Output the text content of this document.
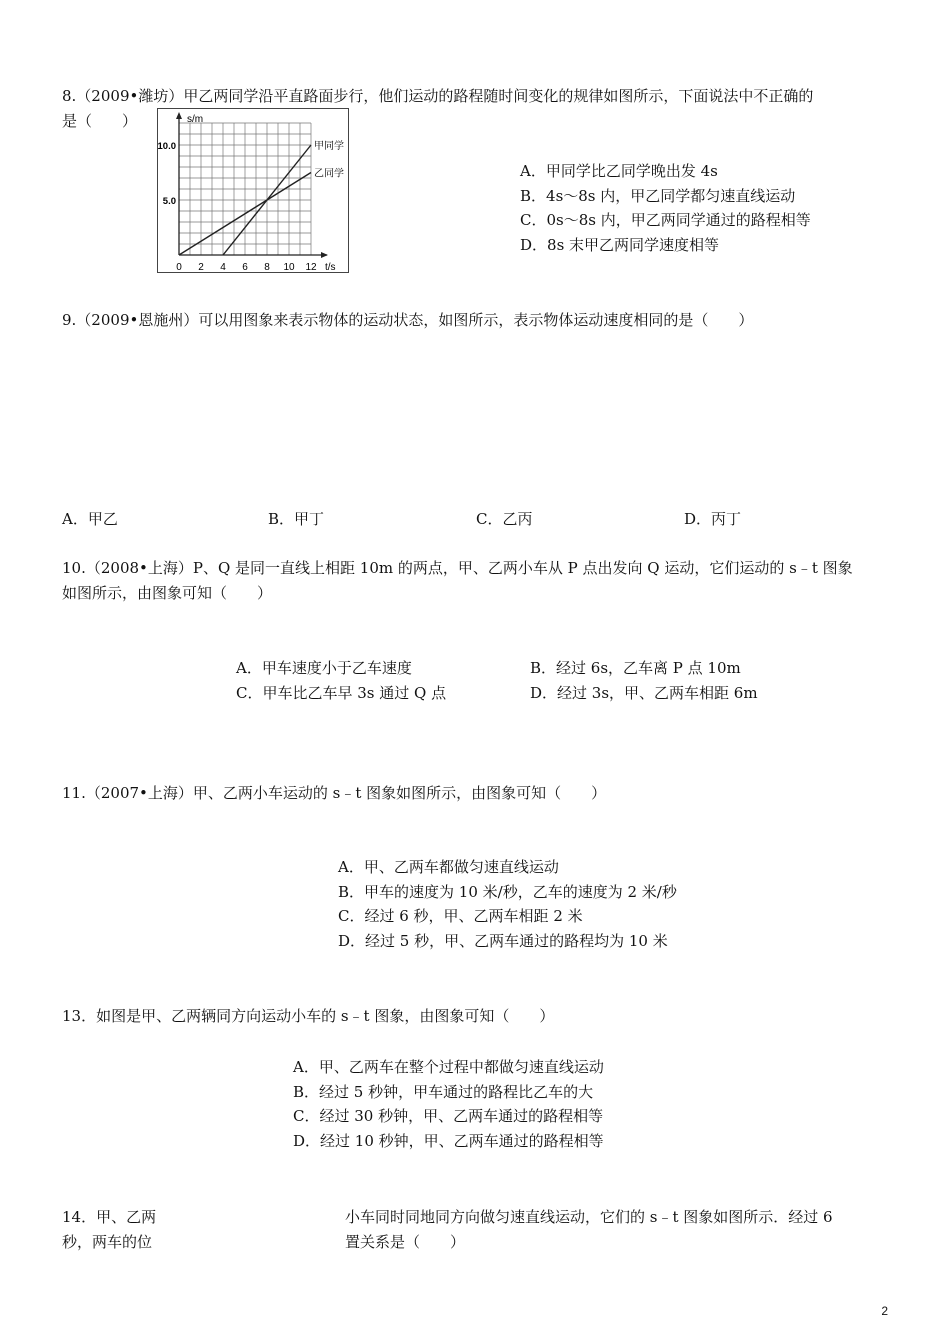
8.（2009•潍坊）甲乙两同学沿平直路面步行，他们运动的路程随时间变化的规律如图所示，下面说法中不正确的
是（　　）
0 2 4 6 8 10 12
5.0
10.0	甲同学
乙同学
s/m
t/s
A．甲同学比乙同学晚出发 4s
B．4s～8s 内，甲乙同学都匀速直线运动
C．0s～8s 内，甲乙两同学通过的路程相等
D．8s 末甲乙两同学速度相等
9.（2009•恩施州）可以用图象来表示物体的运动状态，如图所示，表示物体运动速度相同的是（　　）
A．甲乙	B．甲丁	C．乙丙	D．丙丁
10.（2008•上海）P、Q 是同一直线上相距 10m 的两点，甲、乙两小车从 P 点出发向 Q 运动，它们运动的 s﹣t 图象
如图所示，由图象可知（　　）
A．甲车速度小于乙车速度	B．经过 6s，乙车离 P 点 10m
C．甲车比乙车早 3s 通过 Q 点	D．经过 3s，甲、乙两车相距 6m
11.（2007•上海）甲、乙两小车运动的 s﹣t 图象如图所示，由图象可知（　　）
A．甲、乙两车都做匀速直线运动
B．甲车的速度为 10 米/秒，乙车的速度为 2 米/秒
C．经过 6 秒，甲、乙两车相距 2 米
D．经过 5 秒，甲、乙两车通过的路程均为 10 米
13．如图是甲、乙两辆同方向运动小车的 s﹣t 图象，由图象可知（　　）
A．甲、乙两车在整个过程中都做匀速直线运动
B．经过 5 秒钟，甲车通过的路程比乙车的大
C．经过 30 秒钟，甲、乙两车通过的路程相等
D．经过 10 秒钟，甲、乙两车通过的路程相等
14．甲、乙两
秒，两车的位
小车同时同地同方向做匀速直线运动，它们的 s﹣t 图象如图所示．经过 6
置关系是（　　）
2
